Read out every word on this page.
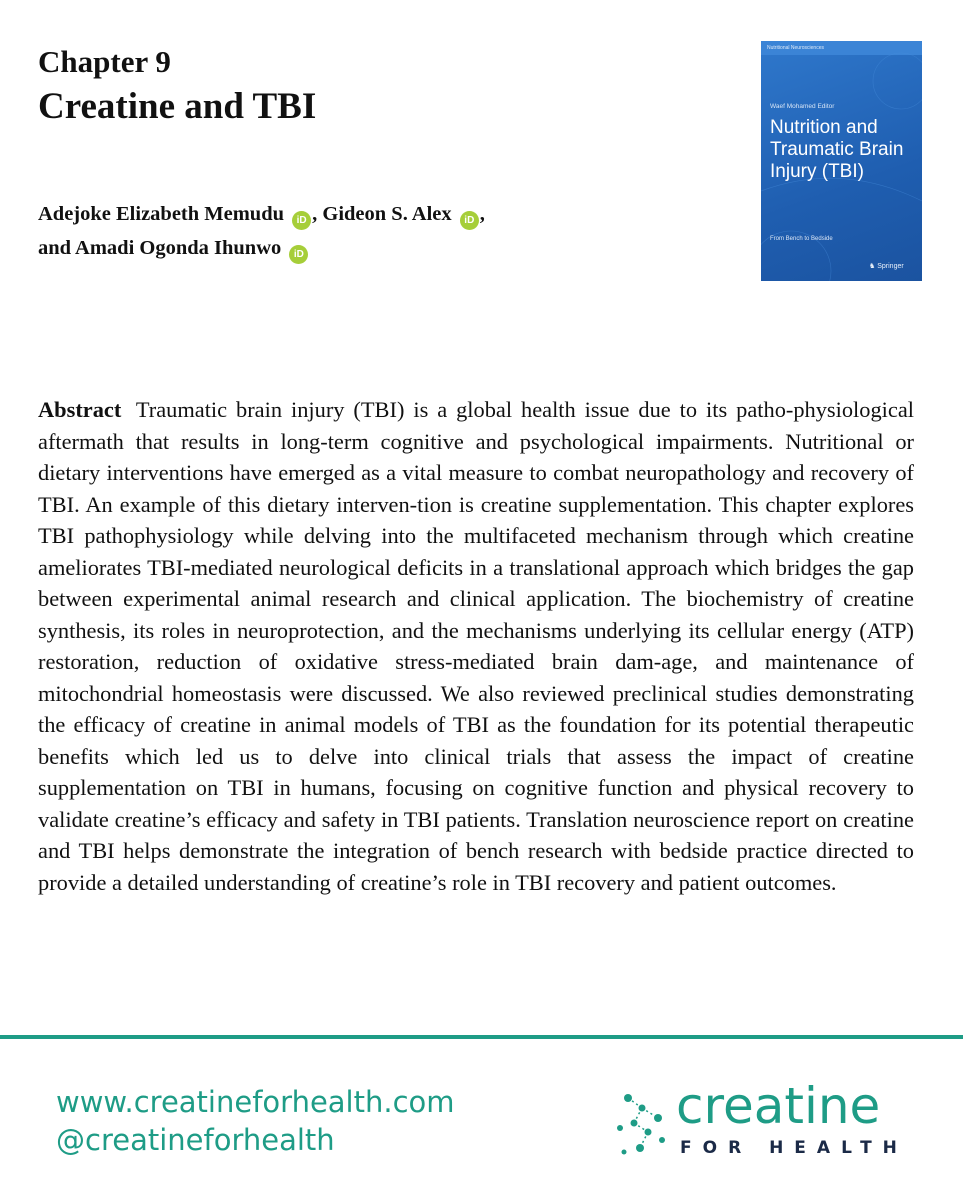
Chapter 9
Creatine and TBI
Adejoke Elizabeth Memudu iD , Gideon S. Alex iD ,
and Amadi Ogonda Ihunwo iD
Nutritional Neurosciences
Waef Mohamed Editor
Nutrition and Traumatic Brain Injury (TBI)
From Bench to Bedside
♞ Springer

Abstract Traumatic brain injury (TBI) is a global health issue due to its patho-physiological aftermath that results in long-term cognitive and psychological impairments. Nutritional or dietary interventions have emerged as a vital measure to combat neuropathology and recovery of TBI. An example of this dietary interven-tion is creatine supplementation. This chapter explores TBI pathophysiology while delving into the multifaceted mechanism through which creatine ameliorates TBI-mediated neurological deficits in a translational approach which bridges the gap between experimental animal research and clinical application. The biochemistry of creatine synthesis, its roles in neuroprotection, and the mechanisms underlying its cellular energy (ATP) restoration, reduction of oxidative stress-mediated brain dam-age, and maintenance of mitochondrial homeostasis were discussed. We also reviewed preclinical studies demonstrating the efficacy of creatine in animal models of TBI as the foundation for its potential therapeutic benefits which led us to delve into clinical trials that assess the impact of creatine supplementation on TBI in humans, focusing on cognitive function and physical recovery to validate creatine’s efficacy and safety in TBI patients. Translation neuroscience report on creatine and TBI helps demonstrate the integration of bench research with bedside practice directed to provide a detailed understanding of creatine’s role in TBI recovery and patient outcomes.

www.creatineforhealth.com
@creatineforhealth
creatine
FOR HEALTH
